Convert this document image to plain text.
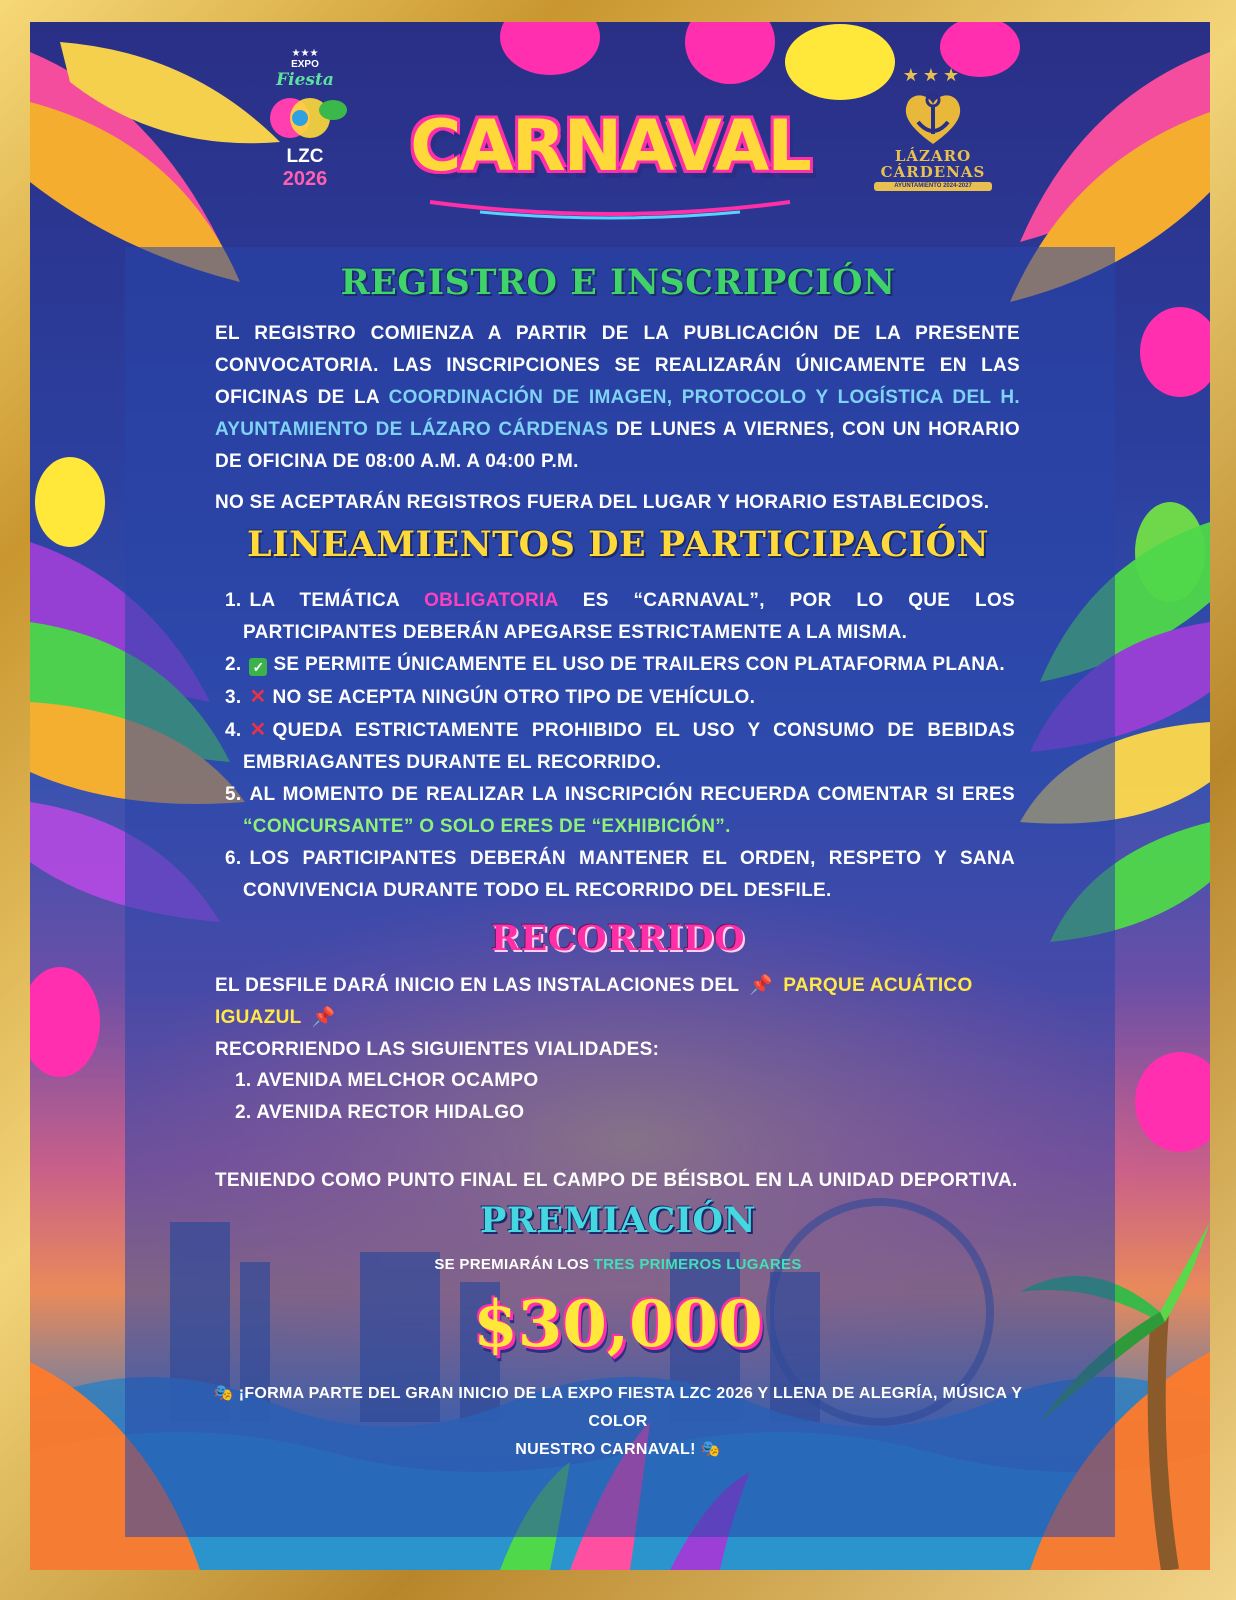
★★★
EXPO
Fiesta
LZC
2026	CARNAVAL
★★★
LÁZARO
CÁRDENAS
AYUNTAMIENTO 2024-2027
REGISTRO E INSCRIPCIÓN
EL REGISTRO COMIENZA A PARTIR DE LA PUBLICACIÓN DE LA PRESENTE CONVOCATORIA. LAS INSCRIPCIONES SE REALIZARÁN ÚNICAMENTE EN LAS OFICINAS DE LA COORDINACIÓN DE IMAGEN, PROTOCOLO Y LOGÍSTICA DEL H. AYUNTAMIENTO DE LÁZARO CÁRDENAS DE LUNES A VIERNES, CON UN HORARIO DE OFICINA DE 08:00 A.M. A 04:00 P.M.
NO SE ACEPTARÁN REGISTROS FUERA DEL LUGAR Y HORARIO ESTABLECIDOS.
LINEAMIENTOS DE PARTICIPACIÓN
1. LA TEMÁTICA OBLIGATORIA ES “CARNAVAL”, POR LO QUE LOS PARTICIPANTES DEBERÁN APEGARSE ESTRICTAMENTE A LA MISMA.
2. ✓ SE PERMITE ÚNICAMENTE EL USO DE TRAILERS CON PLATAFORMA PLANA.
3. ✕ NO SE ACEPTA NINGÚN OTRO TIPO DE VEHÍCULO.
4. ✕ QUEDA ESTRICTAMENTE PROHIBIDO EL USO Y CONSUMO DE BEBIDAS EMBRIAGANTES DURANTE EL RECORRIDO.
5. AL MOMENTO DE REALIZAR LA INSCRIPCIÓN RECUERDA COMENTAR SI ERES “CONCURSANTE” O SOLO ERES DE “EXHIBICIÓN”.
6. LOS PARTICIPANTES DEBERÁN MANTENER EL ORDEN, RESPETO Y SANA CONVIVENCIA DURANTE TODO EL RECORRIDO DEL DESFILE.
RECORRIDO
EL DESFILE DARÁ INICIO EN LAS INSTALACIONES DEL 📌 PARQUE ACUÁTICO IGUAZUL 📌
RECORRIENDO LAS SIGUIENTES VIALIDADES:
1. AVENIDA MELCHOR OCAMPO
2. AVENIDA RECTOR HIDALGO
TENIENDO COMO PUNTO FINAL EL CAMPO DE BÉISBOL EN LA UNIDAD DEPORTIVA.
PREMIACIÓN
SE PREMIARÁN LOS TRES PRIMEROS LUGARES
$30,000
🎭 ¡FORMA PARTE DEL GRAN INICIO DE LA EXPO FIESTA LZC 2026 Y LLENA DE ALEGRÍA, MÚSICA Y COLOR
NUESTRO CARNAVAL! 🎭
